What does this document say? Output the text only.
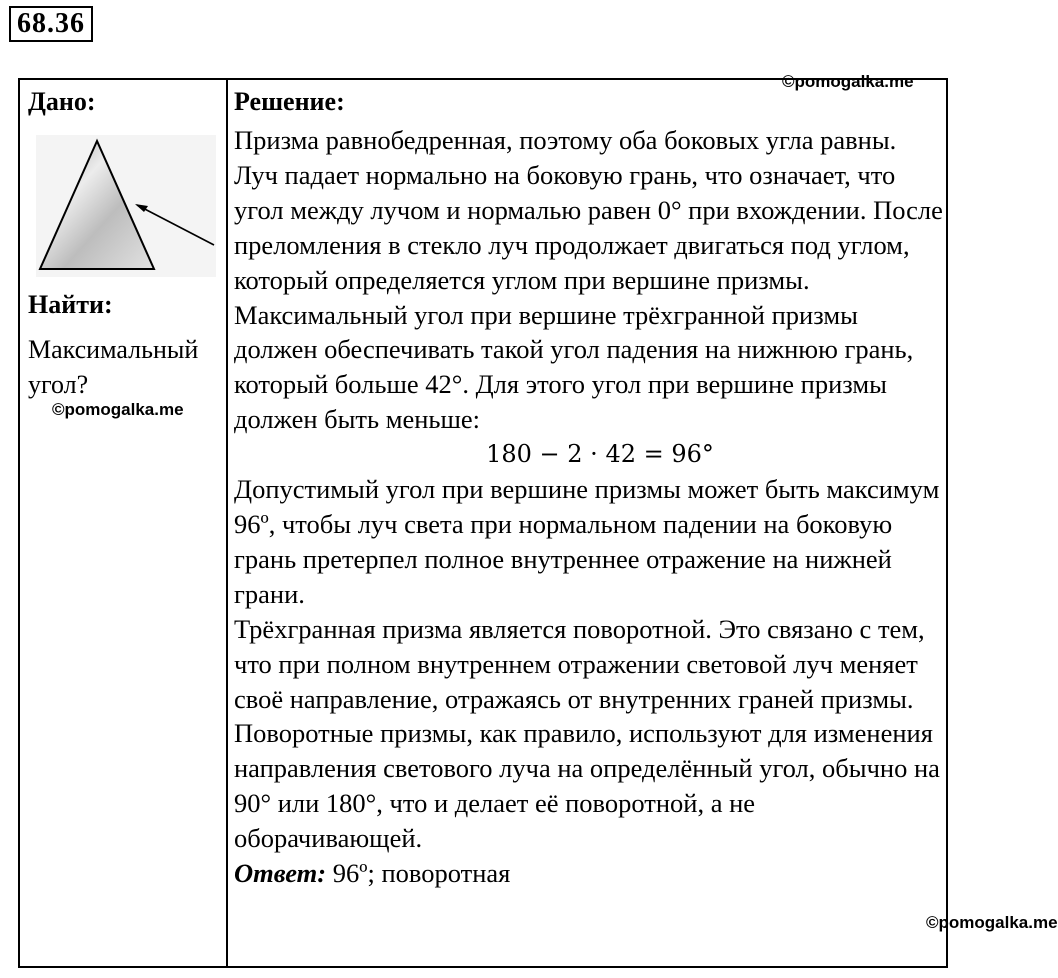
68.36
Дано:
Найти:
Максимальный угол?
©pomogalka.me
Решение:
©pomogalka.me

Призма равнобедренная, поэтому оба боковых угла равны. Луч падает нормально на боковую грань, что означает, что угол между лучом и нормалью равен 0° при вхождении. После преломления в стекло луч продолжает двигаться под углом, который определяется углом при вершине призмы. Максимальный угол при вершине трёхгранной призмы должен обеспечивать такой угол падения на нижнюю грань, который больше 42°. Для этого угол при вершине призмы должен быть меньше:

180 − 2 · 42 = 96°

Допустимый угол при вершине призмы может быть максимум 96º, чтобы луч света при нормальном падении на боковую грань претерпел полное внутреннее отражение на нижней грани.

Трёхгранная призма является поворотной. Это связано с тем, что при полном внутреннем отражении световой луч меняет своё направление, отражаясь от внутренних граней призмы. Поворотные призмы, как правило, используют для изменения направления светового луча на определённый угол, обычно на 90° или 180°, что и делает её поворотной, а не оборачивающей.

Ответ: 96º; поворотная

©pomogalka.me
